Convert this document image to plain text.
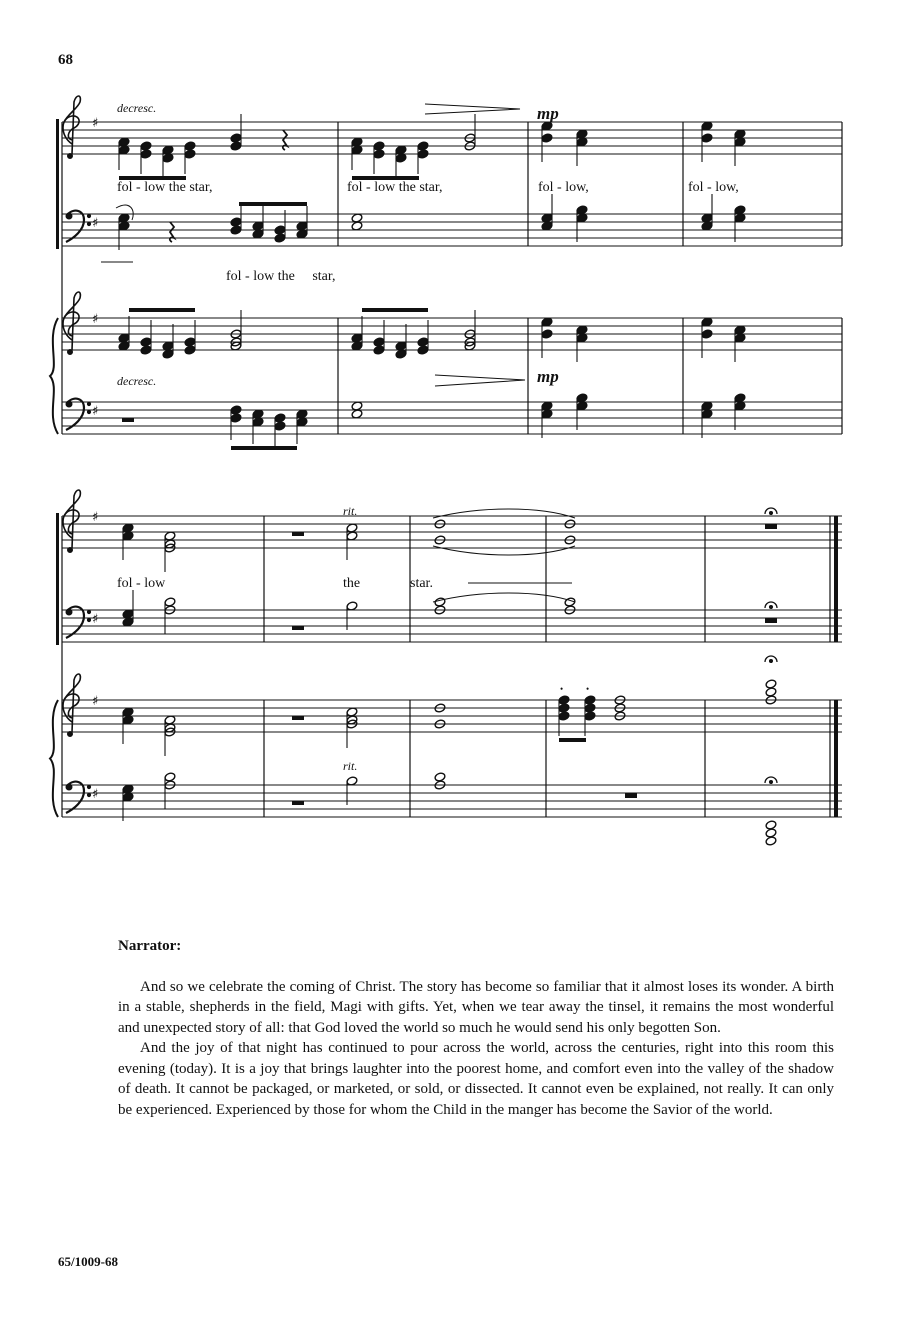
68
♯
♯
♯
♯
♯
♯
♯
♯
•	•
decresc.	mp
decresc.	mp
rit.
rit.
fol - low the star,	fol - low the star,	fol - low,	fol - low,
fol - low the     star,
fol - low	the	star.
Narrator:

And so we celebrate the coming of Christ. The story has become so familiar that it almost loses its wonder. A birth in a stable, shepherds in the field, Magi with gifts. Yet, when we tear away the tinsel, it remains the most wonderful and unexpected story of all: that God loved the world so much he would send his only begotten Son.

And the joy of that night has continued to pour across the world, across the centuries, right into this room this evening (today). It is a joy that brings laughter into the poorest home, and comfort even into the valley of the shadow of death. It cannot be packaged, or marketed, or sold, or dissected. It cannot even be explained, not really. It can only be experienced. Experienced by those for whom the Child in the manger has become the Savior of the world.

65/1009-68
